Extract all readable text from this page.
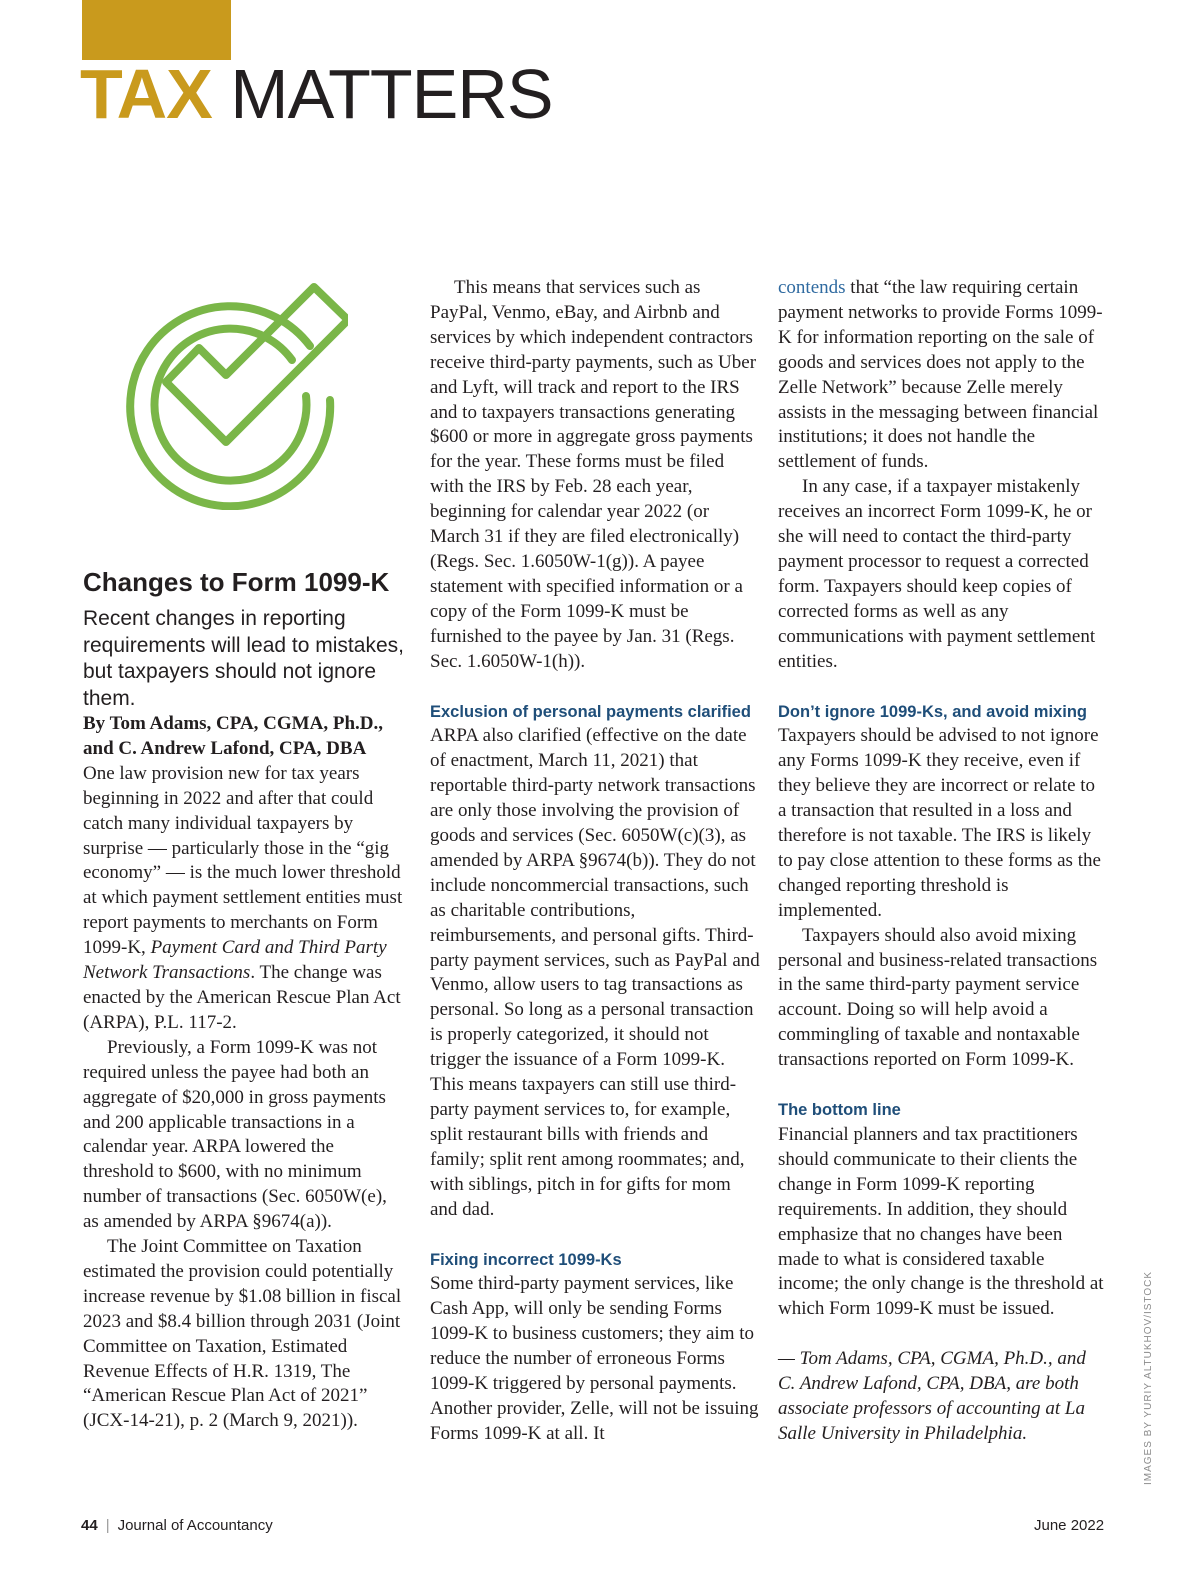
TAX MATTERS
Changes to Form 1099-K

Recent changes in reporting requirements will lead to mistakes, but taxpayers should not ignore them.

By Tom Adams, CPA, CGMA, Ph.D., and C. Andrew Lafond, CPA, DBA

One law provision new for tax years beginning in 2022 and after that could catch many individual taxpayers by surprise — particularly those in the “gig economy” — is the much lower threshold at which payment settlement entities must report payments to merchants on Form 1099-K, Payment Card and Third Party Network Transactions. The change was enacted by the American Rescue Plan Act (ARPA), P.L. 117-2.

Previously, a Form 1099-K was not required unless the payee had both an aggregate of $20,000 in gross payments and 200 applicable transactions in a calendar year. ARPA lowered the threshold to $600, with no minimum number of transactions (Sec. 6050W(e), as amended by ARPA §9674(a)).

The Joint Committee on Taxation estimated the provision could potentially increase revenue by $1.08 billion in fiscal 2023 and $8.4 billion through 2031 (Joint Committee on Taxation, Estimated Revenue Effects of H.R. 1319, The “American Rescue Plan Act of 2021” (JCX-14-21), p. 2 (March 9, 2021)).

This means that services such as PayPal, Venmo, eBay, and Airbnb and services by which independent contractors receive third-party payments, such as Uber and Lyft, will track and report to the IRS and to taxpayers transactions generating $600 or more in aggregate gross payments for the year. These forms must be filed with the IRS by Feb. 28 each year, beginning for calendar year 2022 (or March 31 if they are filed electronically) (Regs. Sec. 1.6050W-1(g)). A payee statement with specified information or a copy of the Form 1099-K must be furnished to the payee by Jan. 31 (Regs. Sec. 1.6050W-1(h)).

Exclusion of personal payments clarified

ARPA also clarified (effective on the date of enactment, March 11, 2021) that reportable third-party network transactions are only those involving the provision of goods and services (Sec. 6050W(c)(3), as amended by ARPA §9674(b)). They do not include noncommercial transactions, such as charitable contributions, reimbursements, and personal gifts. Third-party payment services, such as PayPal and Venmo, allow users to tag transactions as personal. So long as a personal transaction is properly categorized, it should not trigger the issuance of a Form 1099-K. This means taxpayers can still use third-party payment services to, for example, split restaurant bills with friends and family; split rent among roommates; and, with siblings, pitch in for gifts for mom and dad.

Fixing incorrect 1099-Ks

Some third-party payment services, like Cash App, will only be sending Forms 1099-K to business customers; they aim to reduce the number of erroneous Forms 1099-K triggered by personal payments. Another provider, Zelle, will not be issuing Forms 1099-K at all. It

contends that “the law requiring certain payment networks to provide Forms 1099-K for information reporting on the sale of goods and services does not apply to the Zelle Network” because Zelle merely assists in the messaging between financial institutions; it does not handle the settlement of funds.

In any case, if a taxpayer mistakenly receives an incorrect Form 1099-K, he or she will need to contact the third-party payment processor to request a corrected form. Taxpayers should keep copies of corrected forms as well as any communications with payment settlement entities.

Don’t ignore 1099-Ks, and avoid mixing

Taxpayers should be advised to not ignore any Forms 1099-K they receive, even if they believe they are incorrect or relate to a transaction that resulted in a loss and therefore is not taxable. The IRS is likely to pay close attention to these forms as the changed reporting threshold is implemented.

Taxpayers should also avoid mixing personal and business-related transactions in the same third-party payment service account. Doing so will help avoid a commingling of taxable and nontaxable transactions reported on Form 1099-K.

The bottom line

Financial planners and tax practitioners should communicate to their clients the change in Form 1099-K reporting requirements. In addition, they should emphasize that no changes have been made to what is considered taxable income; the only change is the threshold at which Form 1099-K must be issued.

— Tom Adams, CPA, CGMA, Ph.D., and C. Andrew Lafond, CPA, DBA, are both associate professors of accounting at La Salle University in Philadelphia.	IMAGES BY YURIY ALTUKHOV/ISTOCK
44 | Journal of Accountancy	June 2022
